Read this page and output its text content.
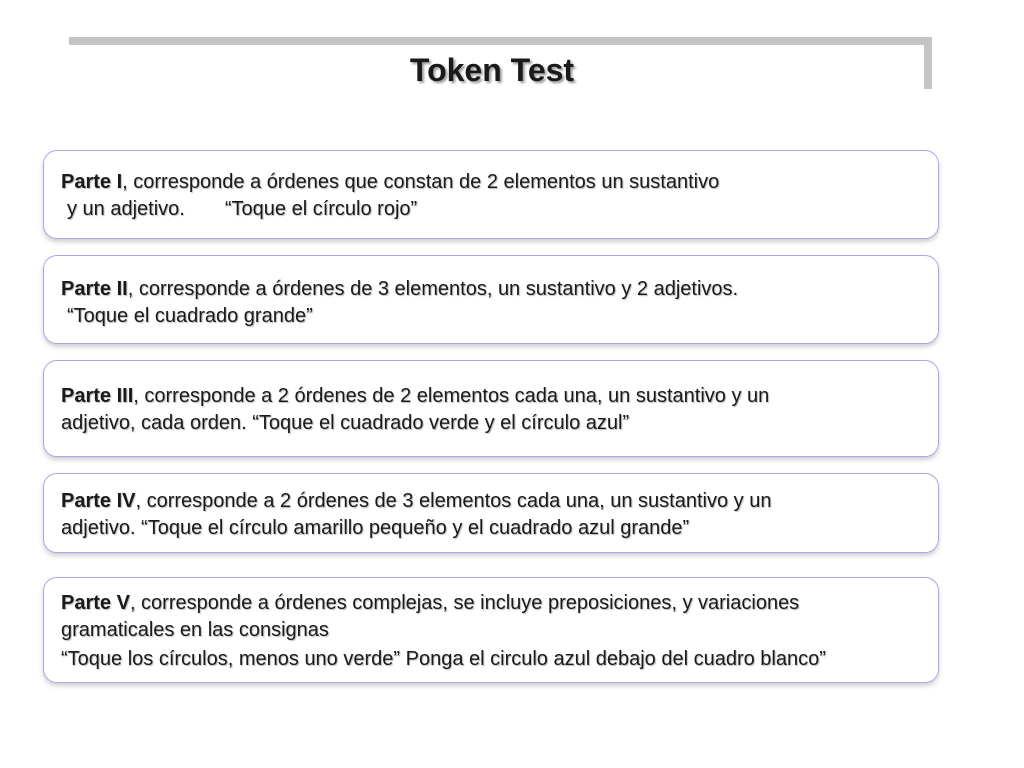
Token Test

Parte I, corresponde a órdenes que constan de 2 elementos un sustantivo

y un adjetivo. “Toque el círculo rojo”

Parte II, corresponde a órdenes de 3 elementos, un sustantivo y 2 adjetivos.

“Toque el cuadrado grande”

Parte III, corresponde a 2 órdenes de 2 elementos cada una, un sustantivo y un

adjetivo, cada orden. “Toque el cuadrado verde y el círculo azul”

Parte IV, corresponde a 2 órdenes de 3 elementos cada una, un sustantivo y un

adjetivo. “Toque el círculo amarillo pequeño y el cuadrado azul grande”

Parte V, corresponde a órdenes complejas, se incluye preposiciones, y variaciones

gramaticales en las consignas

“Toque los círculos, menos uno verde” Ponga el circulo azul debajo del cuadro blanco”
